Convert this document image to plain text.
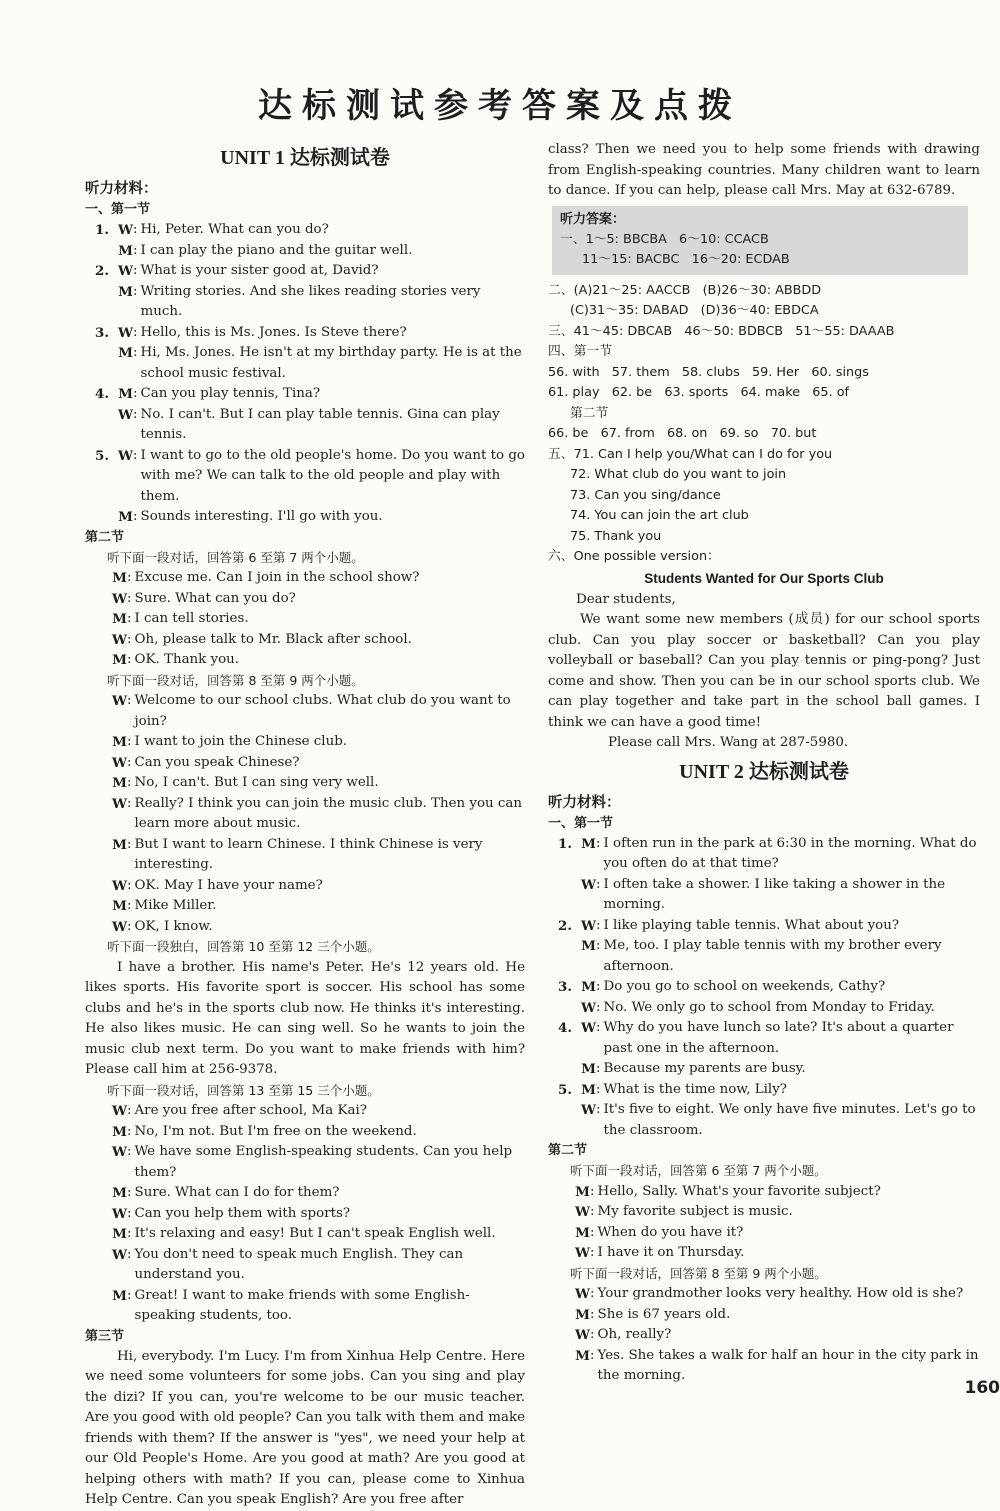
达标测试参考答案及点拨
UNIT 1 达标测试卷
听力材料：
一、第一节
1. W : Hi, Peter. What can you do?
M : I can play the piano and the guitar well.
2. W : What is your sister good at, David?
M : Writing stories. And she likes reading stories very much.
3. W : Hello, this is Ms. Jones. Is Steve there?
M : Hi, Ms. Jones. He isn't at my birthday party. He is at the school music festival.
4. M : Can you play tennis, Tina?
W : No. I can't. But I can play table tennis. Gina can play tennis.
5. W : I want to go to the old people's home. Do you want to go with me? We can talk to the old people and play with them.
M : Sounds interesting. I'll go with you.
第二节
听下面一段对话，回答第 6 至第 7 两个小题。
M : Excuse me. Can I join in the school show?
W : Sure. What can you do?
M : I can tell stories.
W : Oh, please talk to Mr. Black after school.
M : OK. Thank you.
听下面一段对话，回答第 8 至第 9 两个小题。
W : Welcome to our school clubs. What club do you want to join?
M : I want to join the Chinese club.
W : Can you speak Chinese?
M : No, I can't. But I can sing very well.
W : Really? I think you can join the music club. Then you can learn more about music.
M : But I want to learn Chinese. I think Chinese is very interesting.
W : OK. May I have your name?
M : Mike Miller.
W : OK, I know.
听下面一段独白，回答第 10 至第 12 三个小题。

I have a brother. His name's Peter. He's 12 years old. He likes sports. His favorite sport is soccer. His school has some clubs and he's in the sports club now. He thinks it's interesting. He also likes music. He can sing well. So he wants to join the music club next term. Do you want to make friends with him? Please call him at 256-9378.

听下面一段对话，回答第 13 至第 15 三个小题。
W : Are you free after school, Ma Kai?
M : No, I'm not. But I'm free on the weekend.
W : We have some English-speaking students. Can you help them?
M : Sure. What can I do for them?
W : Can you help them with sports?
M : It's relaxing and easy! But I can't speak English well.
W : You don't need to speak much English. They can understand you.
M : Great! I want to make friends with some English-speaking students, too.
第三节

Hi, everybody. I'm Lucy. I'm from Xinhua Help Centre. Here we need some volunteers for some jobs. Can you sing and play the dizi? If you can, you're welcome to be our music teacher. Are you good with old people? Can you talk with them and make friends with them? If the answer is "yes", we need your help at our Old People's Home. Are you good at math? Are you good at helping others with math? If you can, please come to Xinhua Help Centre. Can you speak English? Are you free after

class? Then we need you to help some friends with drawing from English-speaking countries. Many children want to learn to dance. If you can help, please call Mrs. May at 632-6789.

听力答案：
一、1～5: BBCBA   6～10: CCACB
11～15: BACBC   16～20: ECDAB
二、(A)21～25: AACCB   (B)26～30: ABBDD
(C)31～35: DABAD   (D)36～40: EBDCA
三、41～45: DBCAB   46～50: BDBCB   51～55: DAAAB
四、第一节
56. with   57. them   58. clubs   59. Her   60. sings
61. play   62. be   63. sports   64. make   65. of
第二节
66. be   67. from   68. on   69. so   70. but
五、71. Can I help you/What can I do for you
72. What club do you want to join
73. Can you sing/dance
74. You can join the art club
75. Thank you
六、One possible version：
Students Wanted for Our Sports Club
Dear students,

We want some new members (成员) for our school sports club. Can you play soccer or basketball? Can you play volleyball or baseball? Can you play tennis or ping-pong? Just come and show. Then you can be in our school sports club. We can play together and take part in the school ball games. I think we can have a good time!

Please call Mrs. Wang at 287-5980.

UNIT 2 达标测试卷
听力材料：
一、第一节
1. M : I often run in the park at 6:30 in the morning. What do you often do at that time?
W : I often take a shower. I like taking a shower in the morning.
2. W : I like playing table tennis. What about you?
M : Me, too. I play table tennis with my brother every afternoon.
3. M : Do you go to school on weekends, Cathy?
W : No. We only go to school from Monday to Friday.
4. W : Why do you have lunch so late? It's about a quarter past one in the afternoon.
M : Because my parents are busy.
5. M : What is the time now, Lily?
W : It's five to eight. We only have five minutes. Let's go to the classroom.
第二节
听下面一段对话，回答第 6 至第 7 两个小题。
M : Hello, Sally. What's your favorite subject?
W : My favorite subject is music.
M : When do you have it?
W : I have it on Thursday.
听下面一段对话，回答第 8 至第 9 两个小题。
W : Your grandmother looks very healthy. How old is she?
M : She is 67 years old.
W : Oh, really?
M : Yes. She takes a walk for half an hour in the city park in the morning.
160
